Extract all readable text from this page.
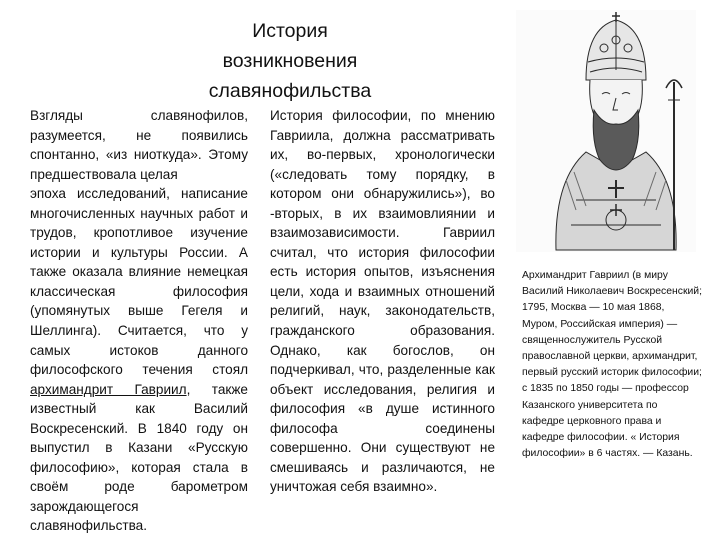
История
возникновения
славянофильства

Взгляды славянофилов, разумеется, не появились спонтанно, «из ниоткуда». Этому предшествовала целая

эпоха исследований, написание многочисленных научных работ и трудов, кропотливое изучение истории и культуры России. А также оказала влияние немецкая классическая философия (упомянутых выше Гегеля и Шеллинга). Считается, что у самых истоков данного философского течения стоял архимандрит Гавриил, также известный как Василий Воскресенский. В 1840 году он выпустил в Казани «Русскую философию», которая стала в своём роде барометром зарождающегося славянофильства.

История философии, по мнению Гавриила, должна рассматривать их, во-первых, хронологически («следовать тому порядку, в котором они обнаружились»), во -вторых, в их взаимовлиянии и взаимозависимости. Гавриил считал, что история философии есть история опытов, изъяснения цели, хода и взаимных отношений религий, наук, законодательств, гражданского образования. Однако, как богослов, он подчеркивал, что, разделенные как объект исследования, религия и философия «в душе истинного философа соединены совершенно. Они существуют не смешиваясь и различаются, не уничтожая себя взаимно».

Архимандрит Гавриил (в миру Василий Николаевич Воскресенский; 1795, Москва — 10 мая 1868, Муром, Российская империя) — священнослужитель Русской православной церкви, архимандрит, первый русский историк философии; с 1835 по 1850 годы — профессор Казанского университета по кафедре церковного права и кафедре философии. « История философии» в 6 частях. — Казань.
